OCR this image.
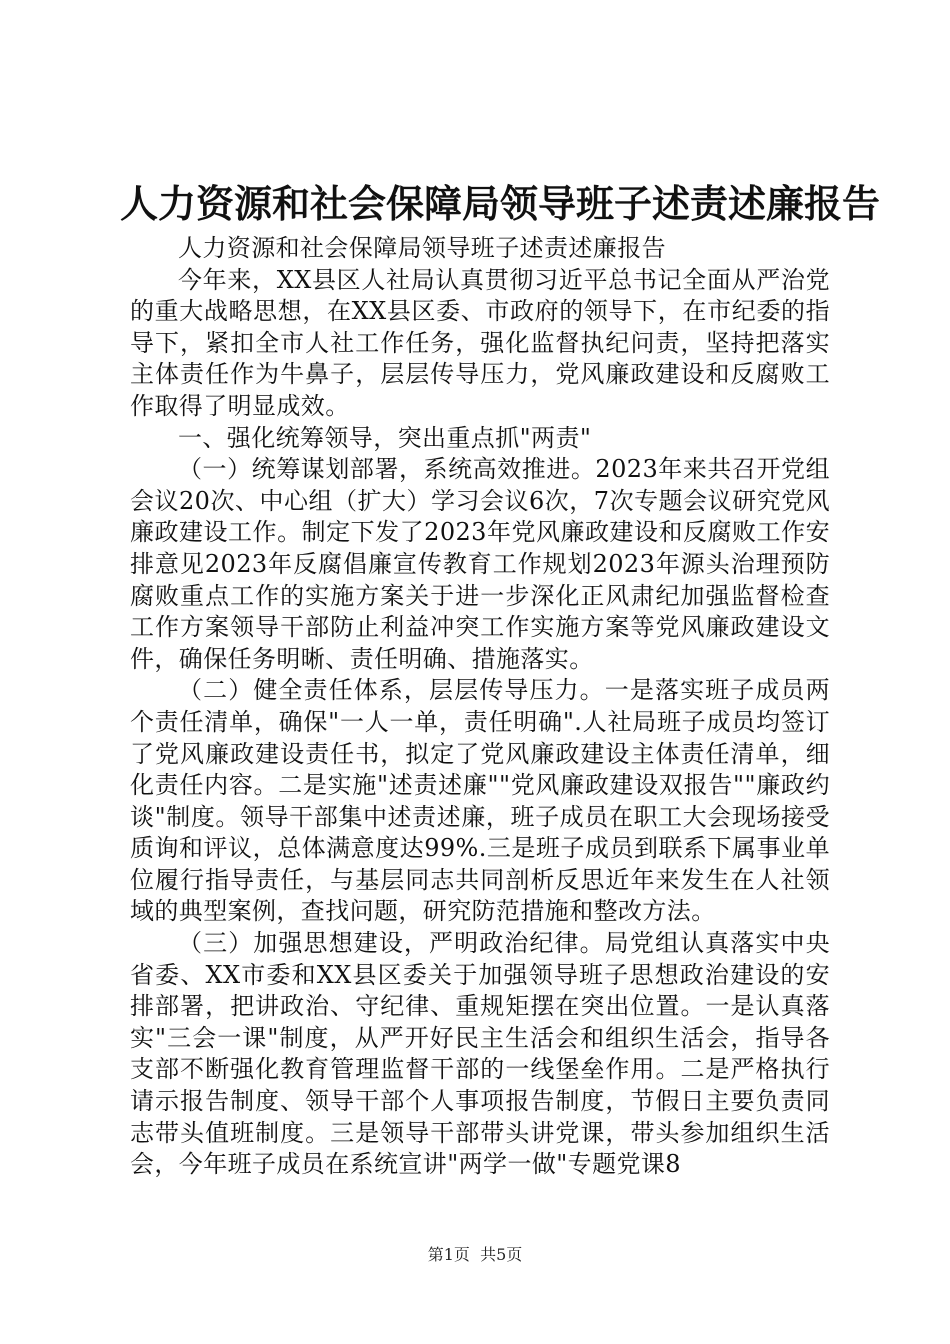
人力资源和社会保障局领导班子述责述廉报告

人力资源和社会保障局领导班子述责述廉报告

今年来，XX县区人社局认真贯彻习近平总书记全面从严治党的重大战略思想，在XX县区委、市政府的领导下，在市纪委的指导下，紧扣全市人社工作任务，强化监督执纪问责，坚持把落实主体责任作为牛鼻子，层层传导压力，党风廉政建设和反腐败工作取得了明显成效。

一、强化统筹领导，突出重点抓"两责"

（一）统筹谋划部署，系统高效推进。2023年来共召开党组会议20次、中心组（扩大）学习会议6次，7次专题会议研究党风廉政建设工作。制定下发了2023年党风廉政建设和反腐败工作安排意见2023年反腐倡廉宣传教育工作规划2023年源头治理预防腐败重点工作的实施方案关于进一步深化正风肃纪加强监督检查工作方案领导干部防止利益冲突工作实施方案等党风廉政建设文件，确保任务明晰、责任明确、措施落实。

（二）健全责任体系，层层传导压力。一是落实班子成员两个责任清单，确保"一人一单，责任明确".人社局班子成员均签订了党风廉政建设责任书，拟定了党风廉政建设主体责任清单，细化责任内容。二是实施"述责述廉""党风廉政建设双报告""廉政约谈"制度。领导干部集中述责述廉，班子成员在职工大会现场接受质询和评议，总体满意度达99%.三是班子成员到联系下属事业单位履行指导责任，与基层同志共同剖析反思近年来发生在人社领域的典型案例，查找问题，研究防范措施和整改方法。

（三）加强思想建设，严明政治纪律。局党组认真落实中央省委、XX市委和XX县区委关于加强领导班子思想政治建设的安排部署，把讲政治、守纪律、重规矩摆在突出位置。一是认真落实"三会一课"制度，从严开好民主生活会和组织生活会，指导各支部不断强化教育管理监督干部的一线堡垒作用。二是严格执行请示报告制度、领导干部个人事项报告制度，节假日主要负责同志带头值班制度。三是领导干部带头讲党课，带头参加组织生活会，今年班子成员在系统宣讲"两学一做"专题党课8

第1页  共5页
